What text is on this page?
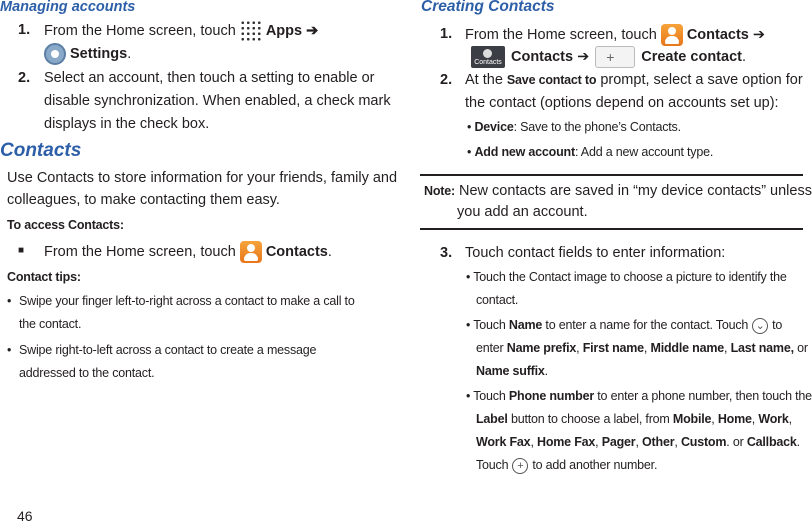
Managing accounts
1. From the Home screen, touch Apps ➔
Settings.
2. Select an account, then touch a setting to enable or
disable synchronization. When enabled, a check mark
displays in the check box.
Contacts
Use Contacts to store information for your friends, family and
colleagues, to make contacting them easy.
To access Contacts:
■ From the Home screen, touch Contacts.
Contact tips:
• Swipe your finger left-to-right across a contact to make a call to
the contact.
• Swipe right-to-left across a contact to create a message
addressed to the contact.
46
Creating Contacts
1. From the Home screen, touch Contacts ➔
Contacts Contacts ➔+	Create contact.
2. At the Save contact to prompt, select a save option for
the contact (options depend on accounts set up):
• Device: Save to the phone’s Contacts.
• Add new account: Add a new account type.
Note: New contacts are saved in “my device contacts” unless
you add an account.
3. Touch contact fields to enter information:
• Touch the Contact image to choose a picture to identify the
contact.
• Touch Name to enter a name for the contact. Touch ⌄ to
enter Name prefix, First name, Middle name, Last name, or
Name suffix.
• Touch Phone number to enter a phone number, then touch the
Label button to choose a label, from Mobile, Home, Work,
Work Fax, Home Fax, Pager, Other, Custom. or Callback.
Touch + to add another number.
